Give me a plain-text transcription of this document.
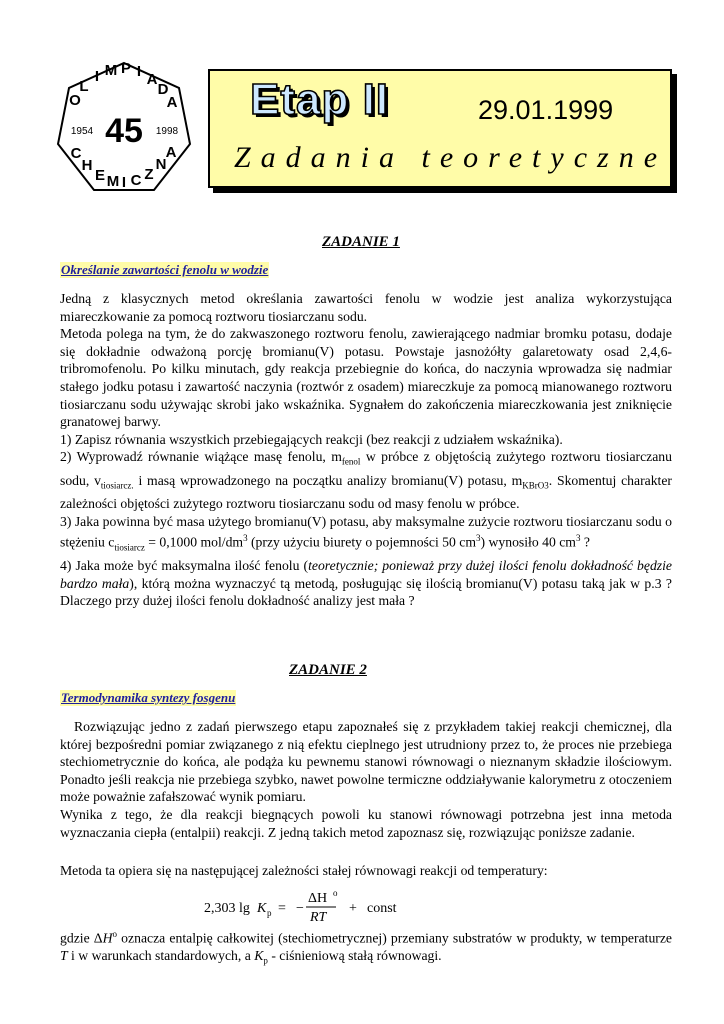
O
L
I M P I A
D
A
C
H
E M I C Z
N
A
45
1954	1998
Etap II	29.01.1999
Zadania teoretyczne
ZADANIE 1
Określanie zawartości fenolu w wodzie

Jedną z klasycznych metod określania zawartości fenolu w wodzie jest analiza wykorzystująca miareczkowanie za pomocą roztworu tiosiarczanu sodu.

Metoda polega na tym, że do zakwaszonego roztworu fenolu, zawierającego nadmiar bromku potasu, dodaje się dokładnie odważoną porcję bromianu(V) potasu. Powstaje jasnożółty galaretowaty osad 2,4,6-tribromofenolu. Po kilku minutach, gdy reakcja przebiegnie do końca, do naczynia wprowadza się nadmiar stałego jodku potasu i zawartość naczynia (roztwór z osadem) miareczkuje za pomocą mianowanego roztworu tiosiarczanu sodu używając skrobi jako wskaźnika. Sygnałem do zakończenia miareczkowania jest zniknięcie granatowej barwy.

1) Zapisz równania wszystkich przebiegających reakcji (bez reakcji z udziałem wskaźnika).

2) Wyprowadź równanie wiążące masę fenolu, $m_{fenol}$ w próbce z objętością zużytego roztworu tiosiarczanu sodu, $v_{tiosiarcz.}$ i masą wprowadzonego na początku analizy bromianu(V) potasu, $m_{KBrO3}$. Skomentuj charakter zależności objętości zużytego roztworu tiosiarczanu sodu od masy fenolu w próbce.

3) Jaka powinna być masa użytego bromianu(V) potasu, aby maksymalne zużycie roztworu tiosiarczanu sodu o stężeniu $c_{tiosiarcz} = 0,1000$ mol/$dm^3$ (przy użyciu biurety o pojemności 50 $cm^3$) wynosiło 40 $cm^3$ ?

4) Jaka może być maksymalna ilość fenolu (teoretycznie; ponieważ przy dużej ilości fenolu dokładność będzie bardzo mała), którą można wyznaczyć tą metodą, posługując się ilością bromianu(V) potasu taką jak w p.3 ? Dlaczego przy dużej ilości fenolu dokładność analizy jest mała ?

ZADANIE 2
Termodynamika syntezy fosgenu

Rozwiązując jedno z zadań pierwszego etapu zapoznałeś się z przykładem takiej reakcji chemicznej, dla której bezpośredni pomiar związanego z nią efektu cieplnego jest utrudniony przez to, że proces nie przebiega stechiometrycznie do końca, ale podąża ku pewnemu stanowi równowagi o nieznanym składzie ilościowym. Ponadto jeśli reakcja nie przebiega szybko, nawet powolne termiczne oddziaływanie kalorymetru z otoczeniem może poważnie zafałszować wynik pomiaru.

Wynika z tego, że dla reakcji biegnących powoli ku stanowi równowagi potrzebna jest inna metoda wyznaczania ciepła (entalpii) reakcji. Z jedną takich metod zapoznasz się, rozwiązując poniższe zadanie.

Metoda ta opiera się na następującej zależności stałej równowagi reakcji od temperatury:
2,303 lg K p = −
ΔH o
RT
+ const

gdzie $\Delta H^o$ oznacza entalpię całkowitej (stechiometrycznej) przemiany substratów w produkty, w temperaturze T i w warunkach standardowych, a $K_p$ - ciśnieniową stałą równowagi.
